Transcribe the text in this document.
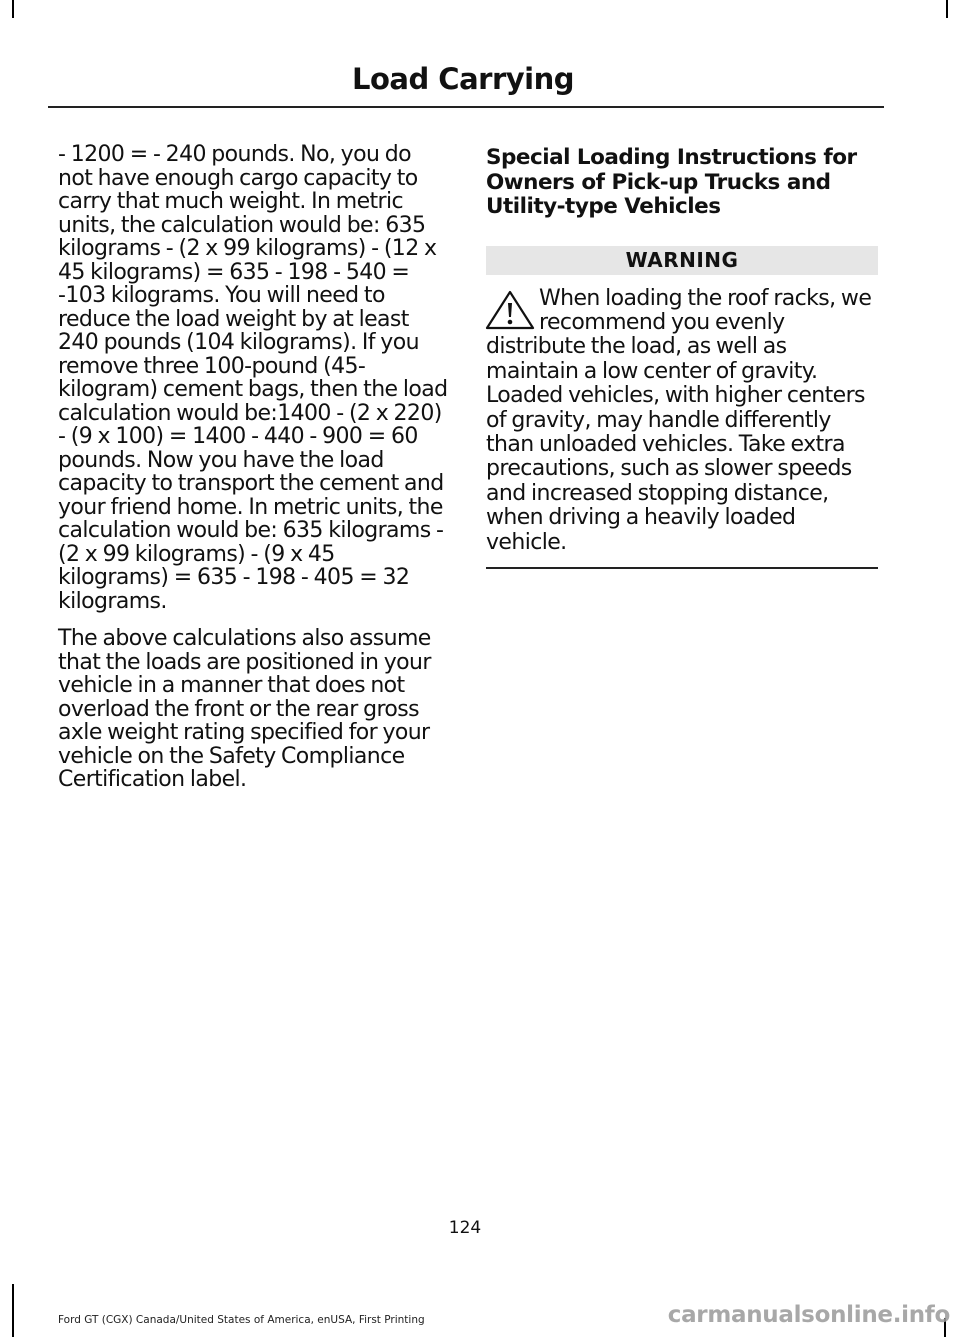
Load Carrying

- 1200 = - 240 pounds. No, you do not have enough cargo capacity to carry that much weight. In metric units, the calculation would be: 635 kilograms - (2 x 99 kilograms) - (12 x 45 kilograms) = 635 - 198 - 540 = -103 kilograms. You will need to reduce the load weight by at least 240 pounds (104 kilograms). If you remove three 100-pound (45-kilogram) cement bags, then the load calculation would be:1400 - (2 x 220) - (9 x 100) = 1400 - 440 - 900 = 60 pounds. Now you have the load capacity to transport the cement and your friend home. In metric units, the calculation would be: 635 kilograms - (2 x 99 kilograms) - (9 x 45 kilograms) = 635 - 198 - 405 = 32 kilograms.

The above calculations also assume that the loads are positioned in your vehicle in a manner that does not overload the front or the rear gross axle weight rating specified for your vehicle on the Safety Compliance Certification label.

Special Loading Instructions for Owners of Pick-up Trucks and Utility-type Vehicles
WARNING
When loading the roof racks, we recommend you evenly distribute the load, as well as maintain a low center of gravity. Loaded vehicles, with higher centers of gravity, may handle differently than unloaded vehicles. Take extra precautions, such as slower speeds and increased stopping distance, when driving a heavily loaded vehicle.
124
Ford GT (CGX) Canada/United States of America, enUSA, First Printing	carmanualsonline.info
